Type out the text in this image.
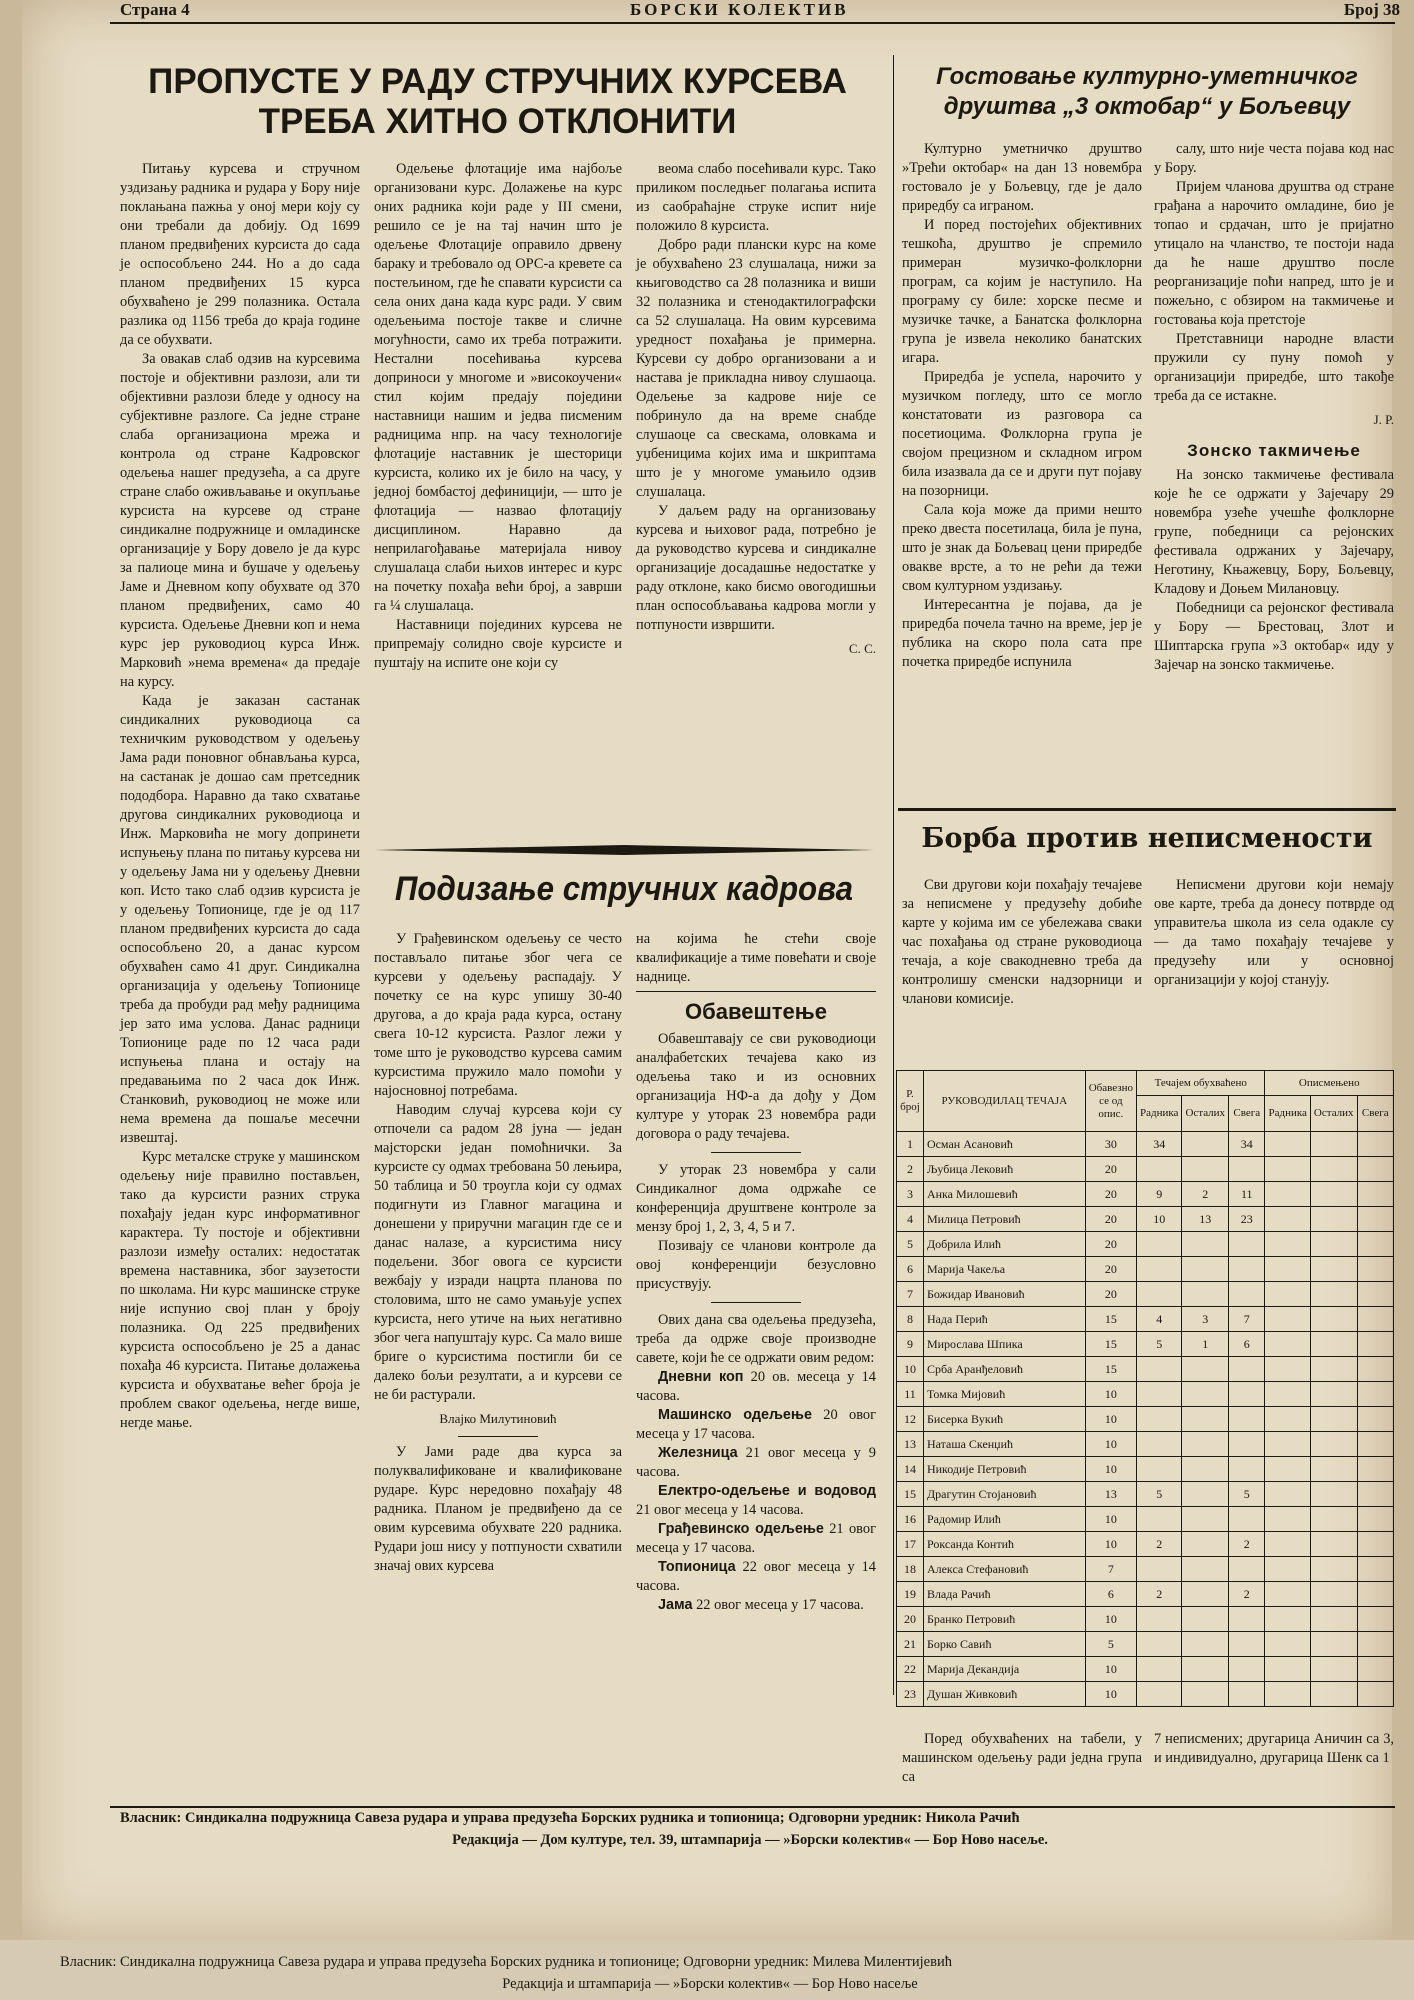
Страна 4	БОРСКИ КОЛЕКТИВ	Број 38
ПРОПУСТЕ У РАДУ СТРУЧНИХ КУРСЕВА
ТРЕБА ХИТНО ОТКЛОНИТИ

Питању курсева и стручном уздизању радника и рудара у Бору није поклањана пажња у оној мери коју су они требали да добију. Од 1699 планом предвиђених курсиста до сада је оспособљено 244. Но а до сада планом предвиђених 15 курса обухваћено је 299 полазника. Остала разлика од 1156 треба до краја године да се обухвати.

За овакав слаб одзив на курсевима постоје и објективни разлози, али ти објективни разлози бледе у односу на субјективне разлоге. Са једне стране слаба организациона мрежа и контрола од стране Кадровског одељења нашег предузећа, а са друге стране слабо оживљавање и окупљање курсиста на курсеве од стране синдикалне подружнице и омладинске организације у Бору довело је да курс за палиоце мина и бушаче у одељењу Јаме и Дневном копу обухвате од 370 планом предвиђених, само 40 курсиста. Одељење Дневни коп и нема курс јер руководиоц курса Инж. Марковић »нема времена« да предаје на курсу.

Када је заказан састанак синдикалних руководиоца са техничким руководством у одељењу Јама ради поновног обнављања курса, на састанак је дошао сам претседник пододбора. Наравно да тако схватање другова синдикалних руководиоца и Инж. Марковића не могу допринети испуњењу плана по питању курсева ни у одељењу Јама ни у одељењу Дневни коп. Исто тако слаб одзив курсиста је у одељењу Топионице, где је од 117 планом предвиђених курсиста до сада оспособљено 20, а данас курсом обухваћен само 41 друг. Синдикална организација у одељењу Топионице треба да пробуди рад међу радницима јер зато има услова. Данас радници Топионице раде по 12 часа ради испуњења плана и остају на предавањима по 2 часа док Инж. Станковић, руководиоц не може или нема времена да пошаље месечни извештај.

Курс металске струке у машинском одељењу није правилно постављен, тако да курсисти разних струка похађају један курс информативног карактера. Ту постоје и објективни разлози између осталих: недостатак времена наставника, због заузетости по школама. Ни курс машинске струке није испунио свој план у броју полазника. Од 225 предвиђених курсиста оспособљено је 25 а данас похађа 46 курсиста. Питање долажења курсиста и обухватање већег броја је проблем сваког одељења, негде више, негде мање.

Одељење флотације има најбоље организовани курс. Долажење на курс оних радника који раде у III смени, решило се је на тај начин што је одељење Флотације оправило дрвену бараку и требовало од ОРС-а креветe са постељином, где ће спавати курсисти са села оних дана када курс ради. У свим одељењима постоје такве и сличне могућности, само их треба потражити. Нестални посећивања курсева доприноси у многоме и »високоучени« стил којим предају поједини наставници нашим и једва писменим радницима нпр. на часу технологије флотације наставник је шесторици курсиста, колико их је било на часу, у једној бомбастој дефиницији, — што је флотација — назвао флотацију дисциплином. Наравно да неприлагођавање материјала нивоу слушалаца слаби њихов интерес и курс на почетку похађа већи број, а заврши га ¼ слушалаца.

Наставници појединих курсева не припремају солидно своје курсисте и пуштају на испите оне који су

веома слабо посећивали курс. Тако приликом последњег полагања испита из саобраћајне струке испит није положило 8 курсиста.

Добро ради плански курс на коме је обухваћено 23 слушалаца, нижи за књиговодство са 28 полазника и виши 32 полазника и стенодактилографски са 52 слушалаца. На овим курсевима уредност похађања је примерна. Курсеви су добро организовани а и настава је прикладна нивоу слушаоца. Одељење за кадрове није се побринуло да на време снабде слушаоце са свескама, оловкама и уџбеницима којих има и шкриптама што је у многоме умањило одзив слушалаца.

У даљем раду на организовању курсева и њиховог рада, потребно је да руководство курсева и синдикалне организације досадашње недостатке у раду отклоне, како бисмо овогодишњи план оспособљавања кадрова могли у потпуности извршити.

С. С.
Гостовање културно-уметничког
друштва „3 октобар“ у Бољевцу

Културно уметничко друштво »Трећи октобар« на дан 13 новембра гостовало је у Бољевцу, где је дало приредбу са играном.

И поред постојећих објективних тешкоћа, друштво је спремило примеран музичко-фолклорни програм, са којим је наступило. На програму су биле: хорске песме и музичке тачке, а Банатска фолклорна група је извела неколико банатских игара.

Приредба је успела, нарочито у музичком погледу, што се могло констатовати из разговора са посетиоцима. Фолклорна група је својом прецизном и складном игром била изазвала да се и други пут појаву на позорници.

Сала која може да прими нешто преко двеста посетилаца, била је пуна, што је знак да Бољевац цени приредбе овакве врсте, а то не рећи да тежи свом културном уздизању.

Интересантна је појава, да је приредба почела тачно на време, јер је публика на скоро пола сата пре почетка приредбе испунила

салу, што није честа појава код нас у Бору.

Пријем чланова друштва од стране грађана а нарочито омладине, био је топао и срдачан, што је пријатно утицало на чланство, те постоји нада да ће наше друштво после реорганизације поћи напред, што је и пожељно, с обзиром на такмичење и гостовања која претстоје

Претставници народне власти пружили су пуну помоћ у организацији приредбе, што такође треба да се истакне.

Ј. Р.
Зонско такмичење

На зонско такмичење фестивала које ће се одржати у Зајечару 29 новембра узеће учешће фолклорне групе, победници са рејонских фестивала одржаних у Зајечару, Неготину, Књажевцу, Бору, Бољевцу, Кладову и Доњем Милановцу.

Победници са рејонског фестивала у Бору — Брестовац, Злот и Шиптарска група »3 октобар« иду у Зајечар на зонско такмичење.

Борба против неписмености

Сви другови који похађају течајеве за неписмене у предузећу добиће карте у којима им се убележава сваки час похађања од стране руководиоца течаја, а које свакодневно треба да контролишу сменски надзорници и чланови комисије.

Неписмени другови који немају ове карте, треба да донесу потврде од управитеља школа из села одакле су — да тамо похађају течајеве у предузећу или у основној организацији у којој станују.

Р. број	РУКОВОДИЛАЦ ТЕЧАЈА	Обавезно се од опис.	Течајем обухваћено			Описмењено		
			Радника	Осталих	Свега	Радника	Осталих	Свега
1	Осман Асановић	30	34		34			
2	Љубица Лековић	20						
3	Анка Милошевић	20	9	2	11			
4	Милица Петровић	20	10	13	23			
5	Добрила Илић	20						
6	Марија Чакеља	20						
7	Божидар Ивановић	20						
8	Нада Перић	15	4	3	7			
9	Мирослава Шпика	15	5	1	6			
10	Срба Аранђеловић	15						
11	Томка Мијовић	10						
12	Бисерка Вукић	10						
13	Наташа Скенџић	10						
14	Никодије Петровић	10						
15	Драгутин Стојановић	13	5		5			
16	Радомир Илић	10						
17	Роксанда Контић	10	2		2			
18	Алекса Стефановић	7						
19	Влада Рачић	6	2		2			
20	Бранко Петровић	10						
21	Борко Савић	5						
22	Марија Декандија	10						
23	Душан Живковић	10						

Поред обухваћених на табели, у машинском одељењу ради једна група са

7 неписмених; другарица Аничин са 3, и индивидуално, другарица Шенк са 1

Подизање стручних кадрова

У Грађевинском одељењу се често постављало питање због чега се курсеви у одељењу распадају. У почетку се на курс упишу 30-40 другова, а до краја рада курса, остану свега 10-12 курсиста. Разлог лежи у томе што је руководство курсева самим курсистима пружило мало помоћи у најосновној потребама.

Наводим случај курсева који су отпочели са радом 28 јуна — један мајсторски један помоћнички. За курсисте су одмах требована 50 лењира, 50 таблица и 50 троугла који су одмах подигнути из Главног магацина и донешени у приручни магацин где се и данас налазе, а курсистима нису подељени. Због овога се курсисти вежбају у изради нацрта планова по столовима, што не само умањује успех курсиста, него утиче на њих негативно због чега напуштају курс. Са мало више бриге о курсистима постигли би се далеко бољи резултати, а и курсеви се не би растурали.

Влајко Милутиновић

У Јами раде два курса за полуквалификоване и квалификоване рударе. Курс нередовно похађају 48 радника. Планом је предвиђено да се овим курсевима обухвате 220 радника. Рудари још нису у потпуности схватили значај ових курсева

на којима ће стећи своје квалификације а тиме повећати и своје наднице.

Обавештење

Обавештавају се сви руководиоци аналфабетских течајева како из одељења тако и из основних организација НФ-а да дођу у Дом културе у уторак 23 новембра ради договора о раду течајева.

У уторак 23 новембра у сали Синдикалног дома одржаће се конференција друштвене контроле за мензу број 1, 2, 3, 4, 5 и 7.

Позивају се чланови контроле да овој конференцији безусловно присуствују.

Ових дана сва одељења предузећа, треба да одрже своје производне савете, који ће се одржати овим редом:

Дневни коп 20 ов. месеца у 14 часова.

Машинско одељење 20 овог месеца у 17 часова.

Железница 21 овог месеца у 9 часова.

Електро-одељење и водовод 21 овог месеца у 14 часова.

Грађевинско одељење 21 овог месеца у 17 часова.

Топионица 22 овог месеца у 14 часова.

Јама 22 овог месеца у 17 часова.

Власник: Синдикална подружница Савеза рудара и управа предузећа Борских рудника и топионица; Одговорни уредник: Никола Рачић
Редакција — Дом културе, тел. 39, штампарија — »Борски колектив« — Бор Ново насеље.
Власник: Синдикална подружница Савеза рудара и управа предузећа Борских рудника и топионице; Одговорни уредник: Милева Милентијевић
Редакција и штампарија — »Борски колектив« — Бор Ново насеље
